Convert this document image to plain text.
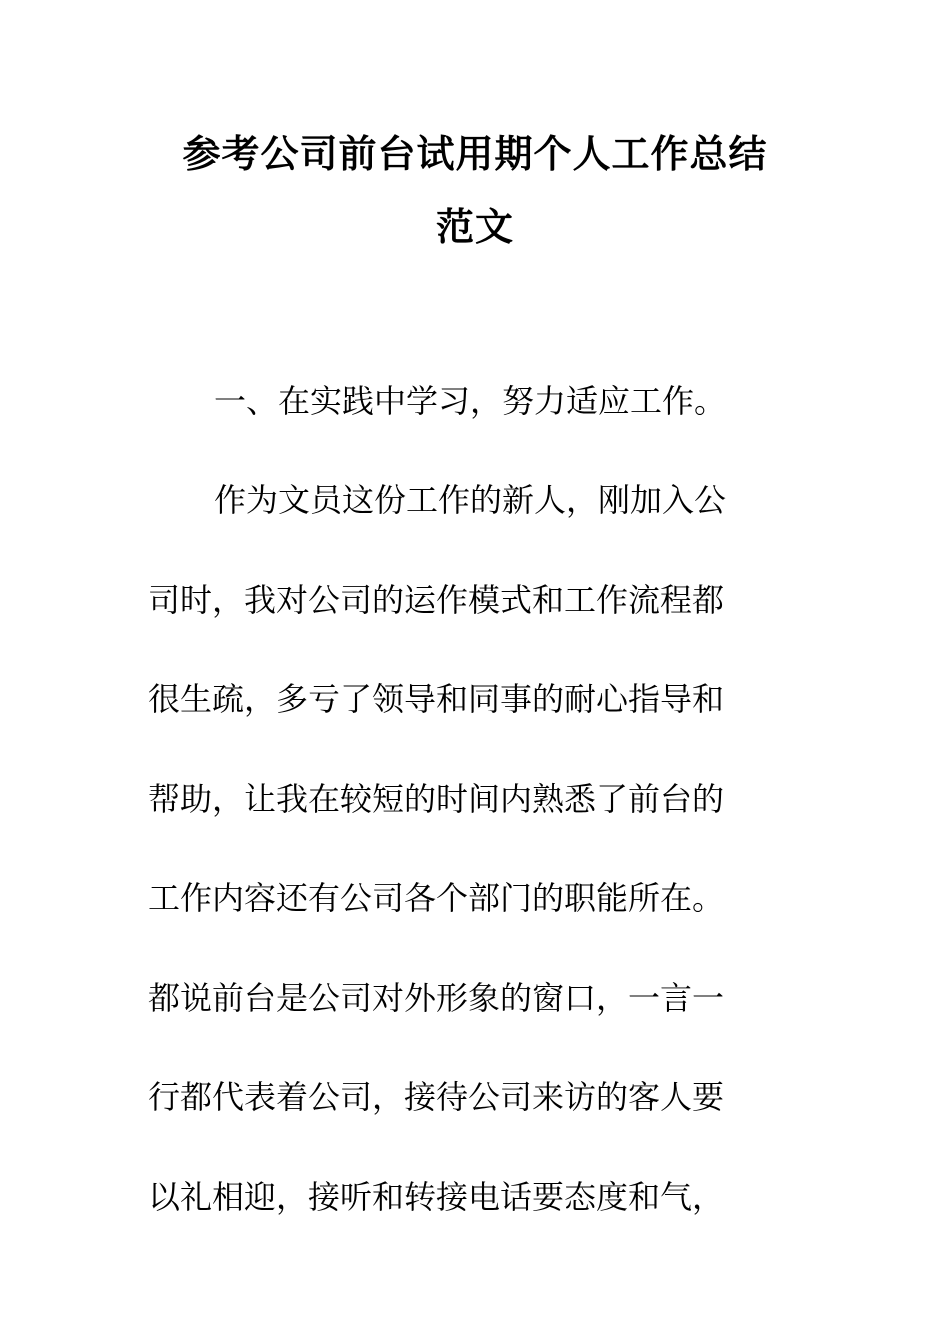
参考公司前台试用期个人工作总结
范文

一、在实践中学习，努力适应工作。

作为文员这份工作的新人，刚加入公

司时，我对公司的运作模式和工作流程都

很生疏，多亏了领导和同事的耐心指导和

帮助，让我在较短的时间内熟悉了前台的

工作内容还有公司各个部门的职能所在。

都说前台是公司对外形象的窗口，一言一

行都代表着公司，接待公司来访的客人要

以礼相迎，接听和转接电话要态度和气，
